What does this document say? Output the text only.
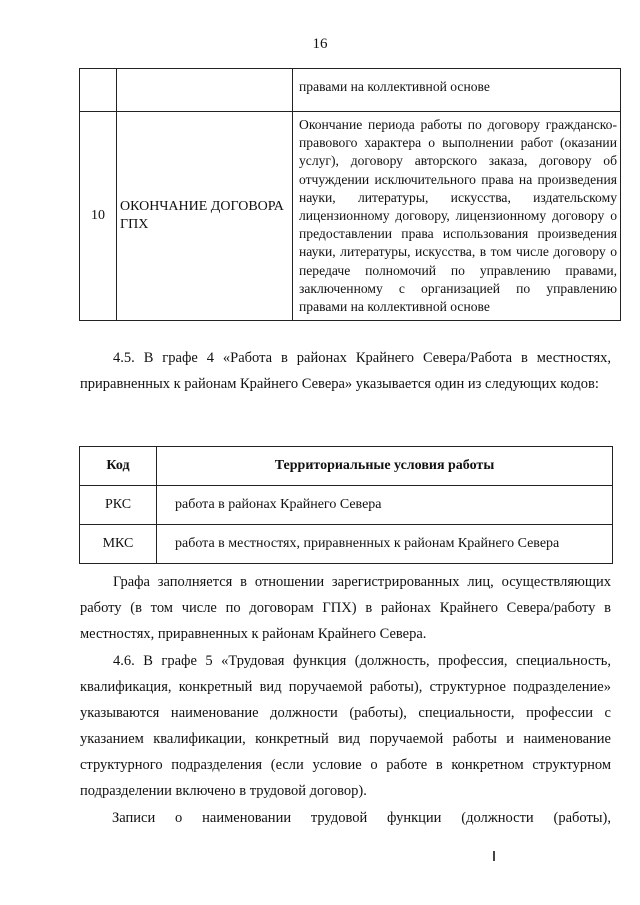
16
		правами на коллективной основе
10	ОКОНЧАНИЕ ДОГОВОРА ГПХ	Окончание периода работы по договору гражданско-правового характера о выполнении работ (оказании услуг), договору авторского заказа, договору об отчуждении исключительного права на произведения науки, литературы, искусства, издательскому лицензионному договору, лицензионному договору о предоставлении права использования произведения науки, литературы, искусства, в том числе договору о передаче полномочий по управлению правами, заключенному с организацией по управлению правами на коллективной основе

4.5. В графе 4 «Работа в районах Крайнего Севера/Работа в местностях, приравненных к районам Крайнего Севера» указывается один из следующих кодов:

Код	Территориальные условия работы
РКС	работа в районах Крайнего Севера
МКС	работа в местностях, приравненных к районам Крайнего Севера

Графа заполняется в отношении зарегистрированных лиц, осуществляющих работу (в том числе по договорам ГПХ) в районах Крайнего Севера/работу в местностях, приравненных к районам Крайнего Севера.

4.6. В графе 5 «Трудовая функция (должность, профессия, специальность, квалификация, конкретный вид поручаемой работы), структурное подразделение» указываются наименование должности (работы), специальности, профессии с указанием квалификации, конкретный вид поручаемой работы и наименование структурного подразделения (если условие о работе в конкретном структурном подразделении включено в трудовой договор).

Записи о наименовании трудовой функции (должности (работы),
